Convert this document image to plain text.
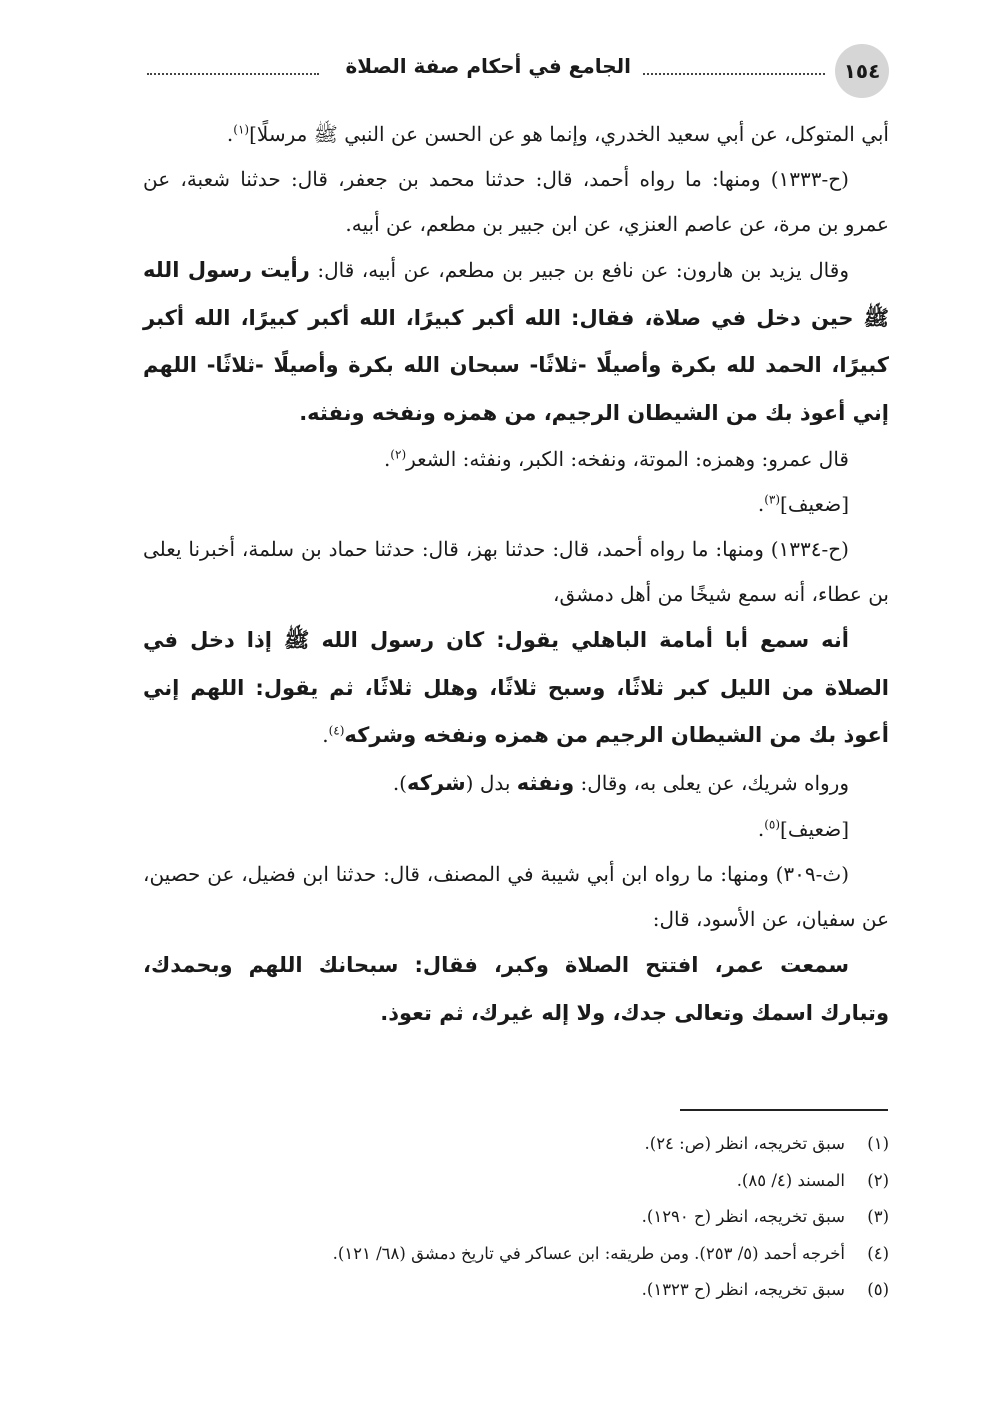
١٥٤
الجامع في أحكام صفة الصلاة

أبي المتوكل، عن أبي سعيد الخدري، وإنما هو عن الحسن عن النبي ﷺ مرسلًا]$^{(١)}$.

(ح-١٣٣٣) ومنها: ما رواه أحمد، قال: حدثنا محمد بن جعفر، قال: حدثنا شعبة، عن عمرو بن مرة، عن عاصم العنزي، عن ابن جبير بن مطعم، عن أبيه.

وقال يزيد بن هارون: عن نافع بن جبير بن مطعم، عن أبيه، قال: رأيت رسول الله ﷺ حين دخل في صلاة، فقال: الله أكبر كبيرًا، الله أكبر كبيرًا، الله أكبر كبيرًا، الحمد لله بكرة وأصيلًا -ثلاثًا- سبحان الله بكرة وأصيلًا -ثلاثًا- اللهم إني أعوذ بك من الشيطان الرجيم، من همزه ونفخه ونفثه.

قال عمرو: وهمزه: الموتة، ونفخه: الكبر، ونفثه: الشعر$^{(٢)}$.

[ضعيف]$^{(٣)}$.

(ح-١٣٣٤) ومنها: ما رواه أحمد، قال: حدثنا بهز، قال: حدثنا حماد بن سلمة، أخبرنا يعلى بن عطاء، أنه سمع شيخًا من أهل دمشق،

أنه سمع أبا أمامة الباهلي يقول: كان رسول الله ﷺ إذا دخل في الصلاة من الليل كبر ثلاثًا، وسبح ثلاثًا، وهلل ثلاثًا، ثم يقول: اللهم إني أعوذ بك من الشيطان الرجيم من همزه ونفخه وشركه$^{(٤)}$.

ورواه شريك، عن يعلى به، وقال: ونفثه بدل (شركه).

[ضعيف]$^{(٥)}$.

(ث-٣٠٩) ومنها: ما رواه ابن أبي شيبة في المصنف، قال: حدثنا ابن فضيل، عن حصين، عن سفيان، عن الأسود، قال:

سمعت عمر، افتتح الصلاة وكبر، فقال: سبحانك اللهم وبحمدك، وتبارك اسمك وتعالى جدك، ولا إله غيرك، ثم تعوذ.

(١)
سبق تخريجه، انظر (ص: ٢٤).
(٢)
المسند (٤/ ٨٥).
(٣)
سبق تخريجه، انظر (ح ١٢٩٠).
(٤)
أخرجه أحمد (٥/ ٢٥٣). ومن طريقه: ابن عساكر في تاريخ دمشق (٦٨/ ١٢١).
(٥)
سبق تخريجه، انظر (ح ١٣٢٣).
